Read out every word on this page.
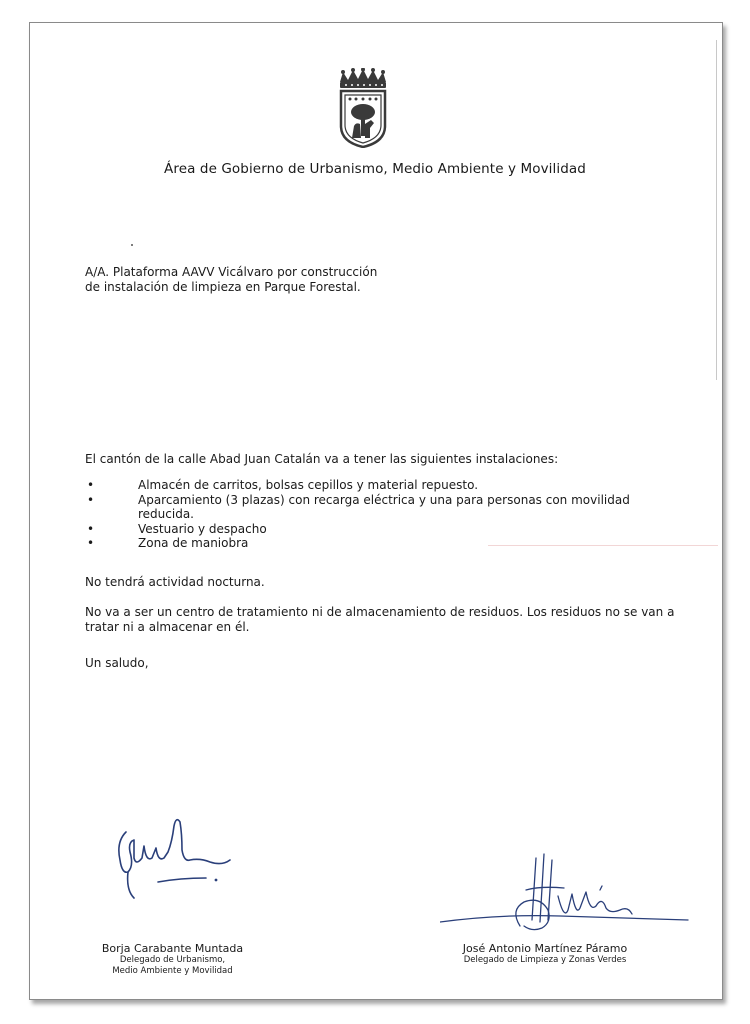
Área de Gobierno de Urbanismo, Medio Ambiente y Movilidad
A/A. Plataforma AAVV Vicálvaro por construcción
de instalación de limpieza en Parque Forestal.
El cantón de la calle Abad Juan Catalán va a tener las siguientes instalaciones:
•	Almacén de carritos, bolsas cepillos y material repuesto.
•	Aparcamiento (3 plazas) con recarga eléctrica y una para personas con movilidad reducida.
•	Vestuario y despacho
•	Zona de maniobra
No tendrá actividad nocturna.
No va a ser un centro de tratamiento ni de almacenamiento de residuos. Los residuos no se van a tratar ni a almacenar en él.
Un saludo,
Borja Carabante Muntada
Delegado de Urbanismo,
Medio Ambiente y Movilidad
José Antonio Martínez Páramo
Delegado de Limpieza y Zonas Verdes
